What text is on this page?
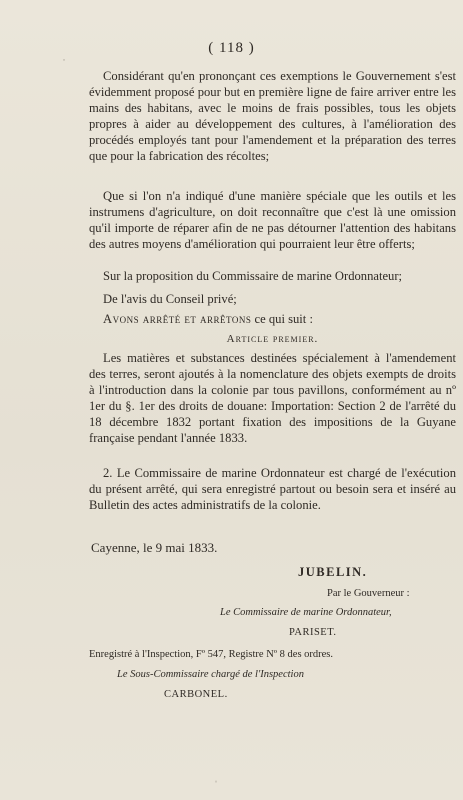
( 118 )
˙
Considérant qu'en prononçant ces exemptions le Gouvernement s'est évidemment proposé pour but en première ligne de faire arriver entre les mains des habitans, avec le moins de frais possibles, tous les objets propres à aider au développement des cultures, à l'amélioration des procédés employés tant pour l'amendement et la préparation des terres que pour la fabrication des récoltes;
Que si l'on n'a indiqué d'une manière spéciale que les outils et les instrumens d'agriculture, on doit reconnaître que c'est là une omission qu'il importe de réparer afin de ne pas détourner l'attention des habitans des autres moyens d'amélioration qui pourraient leur être offerts;
Sur la proposition du Commissaire de marine Ordonnateur;
De l'avis du Conseil privé;
Avons arrêté et arrêtons ce qui suit :
Article premier.
Les matières et substances destinées spécialement à l'amendement des terres, seront ajoutés à la nomenclature des objets exempts de droits à l'introduction dans la colonie par tous pavillons, conformément au nº 1er du §. 1er des droits de douane: Importation: Section 2 de l'arrêté du 18 décembre 1832 portant fixation des impositions de la Guyane française pendant l'année 1833.
2. Le Commissaire de marine Ordonnateur est chargé de l'exécution du présent arrêté, qui sera enregistré partout ou besoin sera et inséré au Bulletin des actes administratifs de la colonie.
Cayenne, le 9 mai 1833.
JUBELIN.
Par le Gouverneur :
Le Commissaire de marine Ordonnateur,
PARISET.
Enregistré à l'Inspection, Fº 547, Registre Nº 8 des ordres.
Le Sous-Commissaire chargé de l'Inspection
CARBONEL.
ˈ
